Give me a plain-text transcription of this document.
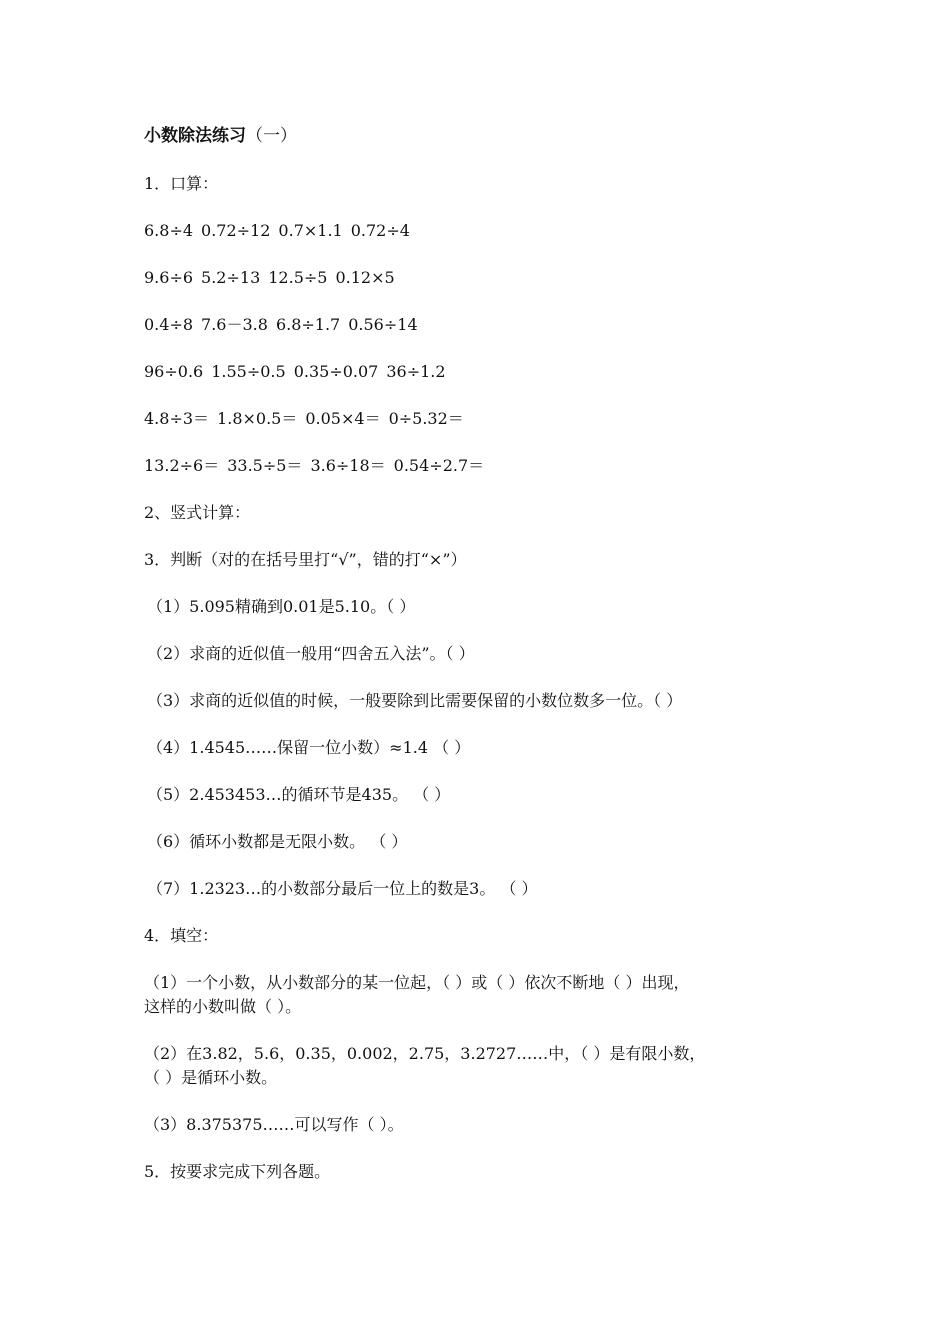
小数除法练习（一）
1．口算：
6.8÷4 0.72÷12 0.7×1.1 0.72÷4
9.6÷6 5.2÷13 12.5÷5 0.12×5
0.4÷8 7.6－3.8 6.8÷1.7 0.56÷14
96÷0.6 1.55÷0.5 0.35÷0.07 36÷1.2
4.8÷3＝ 1.8×0.5＝ 0.05×4＝ 0÷5.32＝
13.2÷6＝ 33.5÷5＝ 3.6÷18＝ 0.54÷2.7＝
2、竖式计算：
3．判断（对的在括号里打“√”，错的打“×”）
（1）5.095精确到0.01是5.10。（ ）
（2）求商的近似值一般用“四舍五入法”。（ ）
（3）求商的近似值的时候，一般要除到比需要保留的小数位数多一位。（ ）
（4）1.4545……保留一位小数）≈1.4 （ ）
（5）2.453453…的循环节是435。 （ ）
（6）循环小数都是无限小数。 （ ）
（7）1.2323…的小数部分最后一位上的数是3。 （ ）
4．填空：
（1）一个小数，从小数部分的某一位起，（ ）或（ ）依次不断地（ ）出现，
这样的小数叫做（ ）。
（2）在3.82，5.6，0.35，0.002，2.75，3.2727……中，（ ）是有限小数，
（ ）是循环小数。
（3）8.375375……可以写作（ ）。
5．按要求完成下列各题。
